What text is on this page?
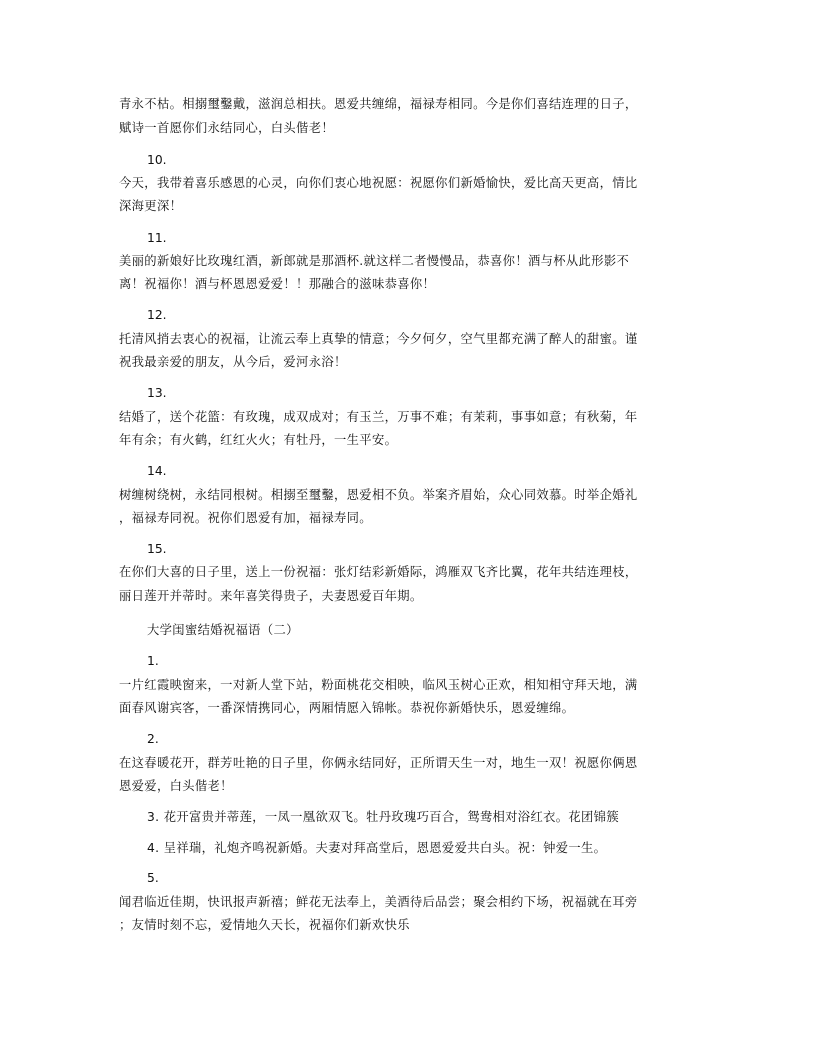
青永不枯。相搦璽鑿戴，滋润总相扶。恩爱共缠绵，福禄寿相同。今是你们喜结连理的日子，
赋诗一首愿你们永结同心，白头偕老！
10.
今天，我带着喜乐感恩的心灵，向你们衷心地祝愿：祝愿你们新婚愉快，爱比高天更高，情比
深海更深！
11.
美丽的新娘好比玫瑰红酒，新郎就是那酒杯.就这样二者慢慢品，恭喜你！酒与杯从此形影不
离！祝福你！酒与杯恩恩爱爱！！那融合的滋味恭喜你！
12.
托清风捎去衷心的祝福，让流云奉上真挚的情意；今夕何夕，空气里都充满了醉人的甜蜜。谨
祝我最亲爱的朋友，从今后，爱河永浴！
13.
结婚了，送个花篮：有玫瑰，成双成对；有玉兰，万事不难；有茉莉，事事如意；有秋菊，年
年有余；有火鹤，红红火火；有牡丹，一生平安。
14.
树缠树绕树，永结同根树。相搦至璽鑿，恩爱相不负。举案齐眉始，众心同效慕。时举企婚礼
，福禄寿同祝。祝你们恩爱有加，福禄寿同。
15.
在你们大喜的日子里，送上一份祝福：张灯结彩新婚际，鸿雁双飞齐比翼，花年共结连理枝，
丽日莲开并蒂时。来年喜笑得贵子，夫妻恩爱百年期。
大学闺蜜结婚祝福语（二）
1.
一片红霞映窗来，一对新人堂下站，粉面桃花交相映，临风玉树心正欢，相知相守拜天地，满
面春风谢宾客，一番深情携同心，两厢情愿入锦帐。恭祝你新婚快乐，恩爱缠绵。
2.
在这春暖花开，群芳吐艳的日子里，你俩永结同好，正所谓天生一对，地生一双！祝愿你俩恩
恩爱爱，白头偕老！
3. 花开富贵并蒂莲，一凤一凰欲双飞。牡丹玫瑰巧百合，鸳鸯相对浴红衣。花团锦簇
4. 呈祥瑞，礼炮齐鸣祝新婚。夫妻对拜高堂后，恩恩爱爱共白头。祝：钟爱一生。
5.
闻君临近佳期，快讯报声新禧；鲜花无法奉上，美酒待后品尝；聚会相约下场，祝福就在耳旁
；友情时刻不忘，爱情地久天长，祝福你们新欢快乐
